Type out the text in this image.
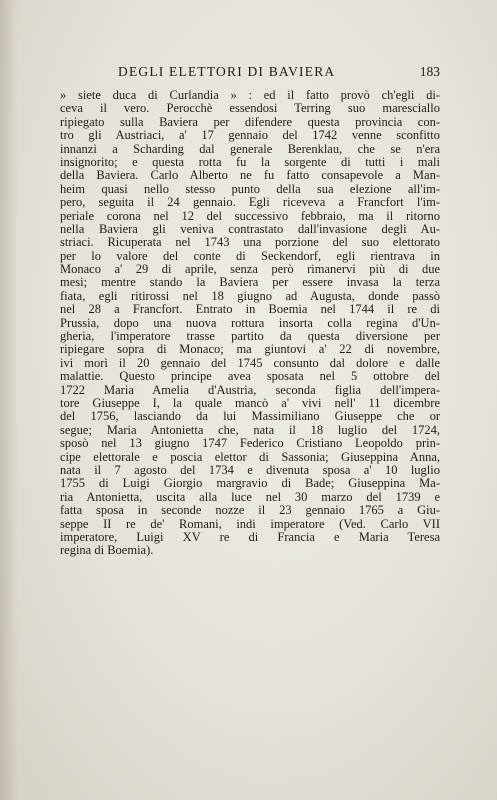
DEGLI ELETTORI DI BAVIERA	183
» siete duca di Curlandia » : ed il fatto provò ch'egli di-
ceva il vero. Perocchè essendosi Terring suo maresciallo
ripiegato sulla Baviera per difendere questa provincia con-
tro gli Austriaci, a' 17 gennaio del 1742 venne sconfitto
innanzi a Scharding dal generale Berenklau, che se n'era
insignorito; e questa rotta fu la sorgente di tutti i mali
della Baviera. Carlo Alberto ne fu fatto consapevole a Man-
heim quasi nello stesso punto della sua elezione all'im-
pero, seguita il 24 gennaio. Egli riceveva a Francfort l'im-
periale corona nel 12 del successivo febbraio, ma il ritorno
nella Baviera gli veniva contrastato dall'invasione degli Au-
striaci. Ricuperata nel 1743 una porzione del suo elettorato
per lo valore del conte di Seckendorf, egli rientrava in
Monaco a' 29 di aprile, senza però rimanervi più di due
mesi; mentre stando la Baviera per essere invasa la terza
fiata, egli ritirossi nel 18 giugno ad Augusta, donde passò
nel 28 a Francfort. Entrato in Boemia nel 1744 il re di
Prussia, dopo una nuova rottura insorta colla regina d'Un-
gheria, l'imperatore trasse partito da questa diversione per
ripiegare sopra di Monaco; ma giuntovi a' 22 di novembre,
ivi morì il 20 gennaio del 1745 consunto dal dolore e dalle
malattie. Questo principe avea sposata nel 5 ottobre del
1722 Maria Amelia d'Austria, seconda figlia dell'impera-
tore Giuseppe I, la quale mancò a' vivi nell' 11 dicembre
del 1756, lasciando da lui Massimiliano Giuseppe che or
segue; Maria Antonietta che, nata il 18 luglio del 1724,
sposò nel 13 giugno 1747 Federico Cristiano Leopoldo prin-
cipe elettorale e poscia elettor di Sassonia; Giuseppina Anna,
nata il 7 agosto del 1734 e divenuta sposa a' 10 luglio
1755 di Luigi Giorgio margravio di Bade; Giuseppina Ma-
ria Antonietta, uscita alla luce nel 30 marzo del 1739 e
fatta sposa in seconde nozze il 23 gennaio 1765 a Giu-
seppe II re de' Romani, indi imperatore (Ved. Carlo VII
imperatore, Luigi XV re di Francia e Maria Teresa
regina di Boemia).
